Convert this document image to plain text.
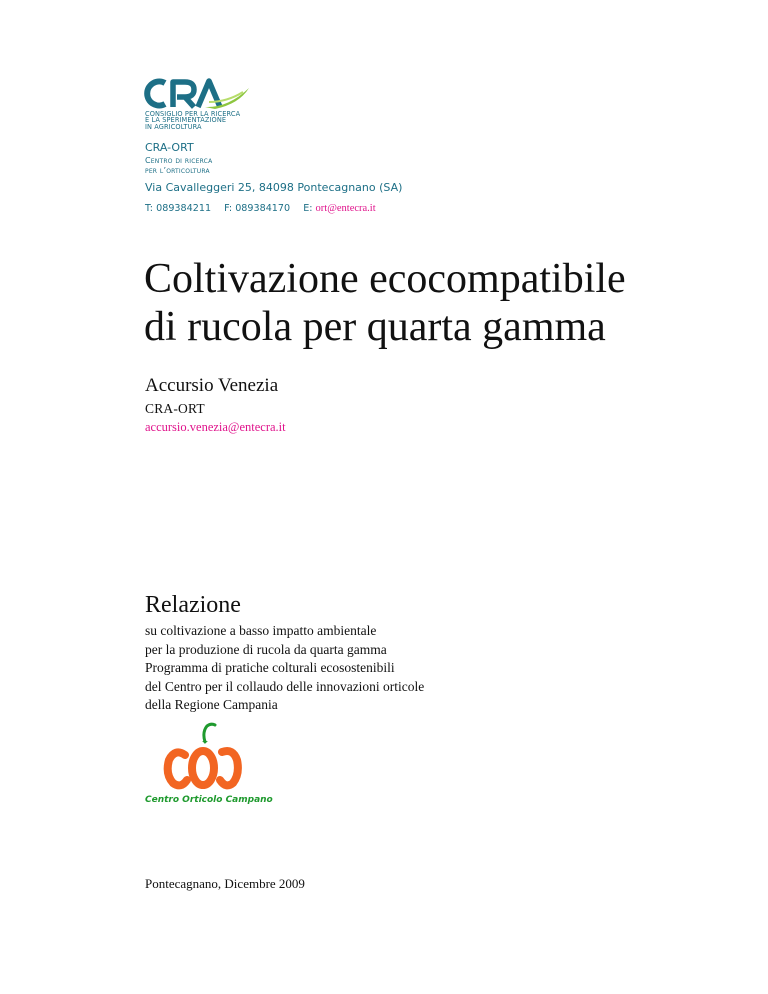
CONSIGLIO PER LA RICERCA
E LA SPERIMENTAZIONE
IN AGRICOLTURA
CRA-ORT
Centro di ricerca
per l’orticoltura
Via Cavalleggeri 25, 84098 Pontecagnano (SA)
T: 089384211 F: 089384170 E: ort@entecra.it
Coltivazione ecocompatibile
di rucola per quarta gamma
Accursio Venezia
CRA-ORT
accursio.venezia@entecra.it
Relazione
su coltivazione a basso impatto ambientale
per la produzione di rucola da quarta gamma
Programma di pratiche colturali ecosostenibili
del Centro per il collaudo delle innovazioni orticole
della Regione Campania
Centro Orticolo Campano
Pontecagnano, Dicembre 2009
